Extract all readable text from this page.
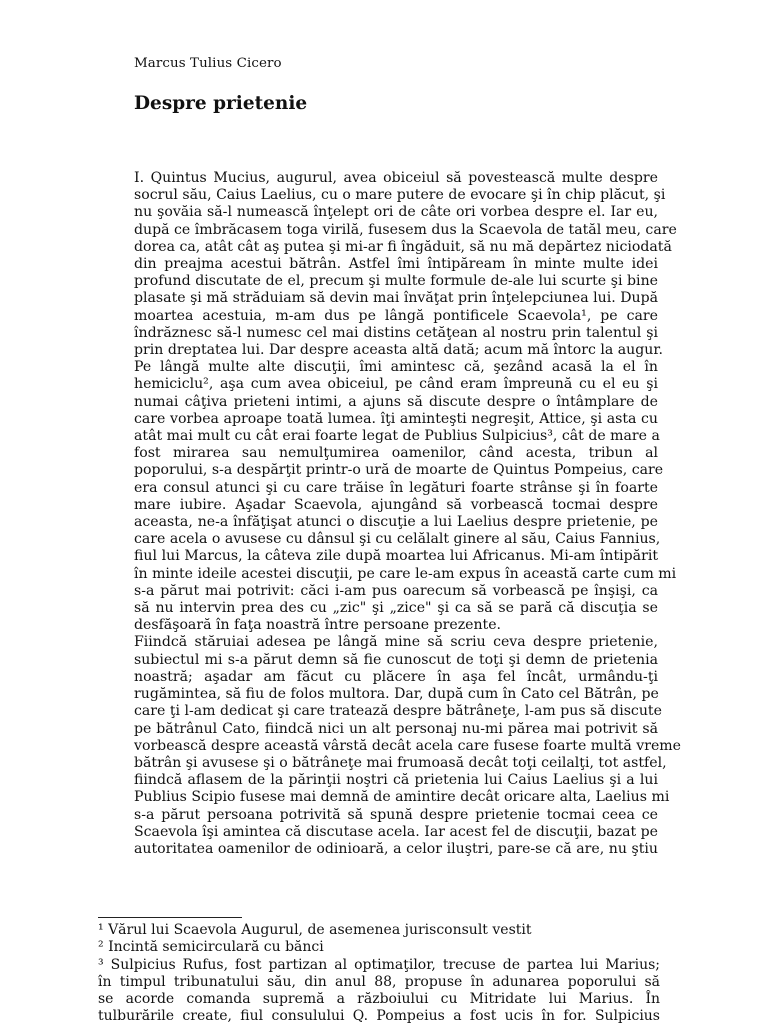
Marcus Tulius Cicero
Despre prietenie

I. Quintus Mucius, augurul, avea obiceiul să povestească multe despre
socrul său, Caius Laelius, cu o mare putere de evocare şi în chip plăcut, şi
nu şovăia să-l numească înţelept ori de câte ori vorbea despre el. Iar eu,
după ce îmbrăcasem toga virilă, fusesem dus la Scaevola de tatăl meu, care
dorea ca, atât cât aş putea şi mi-ar fi îngăduit, să nu mă depărtez niciodată
din preajma acestui bătrân. Astfel îmi întipăream în minte multe idei
profund discutate de el, precum şi multe formule de-ale lui scurte şi bine
plasate şi mă străduiam să devin mai învăţat prin înţelepciunea lui. După
moartea acestuia, m-am dus pe lângă pontificele Scaevola¹, pe care
îndrăznesc să-l numesc cel mai distins cetăţean al nostru prin talentul şi
prin dreptatea lui. Dar despre aceasta altă dată; acum mă întorc la augur.

Pe lângă multe alte discuţii, îmi amintesc că, şezând acasă la el în
hemiciclu², aşa cum avea obiceiul, pe când eram împreună cu el eu şi
numai câţiva prieteni intimi, a ajuns să discute despre o întâmplare de
care vorbea aproape toată lumea. îţi aminteşti negreşit, Attice, şi asta cu
atât mai mult cu cât erai foarte legat de Publius Sulpicius³, cât de mare a
fost mirarea sau nemulţumirea oamenilor, când acesta, tribun al
poporului, s-a despărţit printr-o ură de moarte de Quintus Pompeius, care
era consul atunci şi cu care trăise în legături foarte strânse şi în foarte
mare iubire. Aşadar Scaevola, ajungând să vorbească tocmai despre
aceasta, ne-a înfăţişat atunci o discuţie a lui Laelius despre prietenie, pe
care acela o avusese cu dânsul şi cu celălalt ginere al său, Caius Fannius,
fiul lui Marcus, la câteva zile după moartea lui Africanus. Mi-am întipărit
în minte ideile acestei discuţii, pe care le-am expus în această carte cum mi
s-a părut mai potrivit: căci i-am pus oarecum să vorbească pe înşişi, ca
să nu intervin prea des cu „zic" şi „zice" şi ca să se pară că discuţia se
desfăşoară în faţa noastră între persoane prezente.

Fiindcă stăruiai adesea pe lângă mine să scriu ceva despre prietenie,
subiectul mi s-a părut demn să fie cunoscut de toţi şi demn de prietenia
noastră; aşadar am făcut cu plăcere în aşa fel încât, urmându-ţi
rugămintea, să fiu de folos multora. Dar, după cum în Cato cel Bătrân, pe
care ţi l-am dedicat şi care tratează despre bătrâneţe, l-am pus să discute
pe bătrânul Cato, fiindcă nici un alt personaj nu-mi părea mai potrivit să
vorbească despre această vârstă decât acela care fusese foarte multă vreme
bătrân şi avusese şi o bătrâneţe mai frumoasă decât toţi ceilalţi, tot astfel,
fiindcă aflasem de la părinţii noştri că prietenia lui Caius Laelius şi a lui
Publius Scipio fusese mai demnă de amintire decât oricare alta, Laelius mi
s-a părut persoana potrivită să spună despre prietenie tocmai ceea ce
Scaevola îşi amintea că discutase acela. Iar acest fel de discuţii, bazat pe
autoritatea oamenilor de odinioară, a celor iluştri, pare-se că are, nu ştiu

¹ Vărul lui Scaevola Augurul, de asemenea jurisconsult vestit
² Incintă semicirculară cu bănci
³ Sulpicius Rufus, fost partizan al optimaţilor, trecuse de partea lui Marius;
în timpul tribunatului său, din anul 88, propuse în adunarea poporului să
se acorde comanda supremă a războiului cu Mitridate lui Marius. În
tulburările create, fiul consulului Q. Pompeius a fost ucis în for. Sulpicius
